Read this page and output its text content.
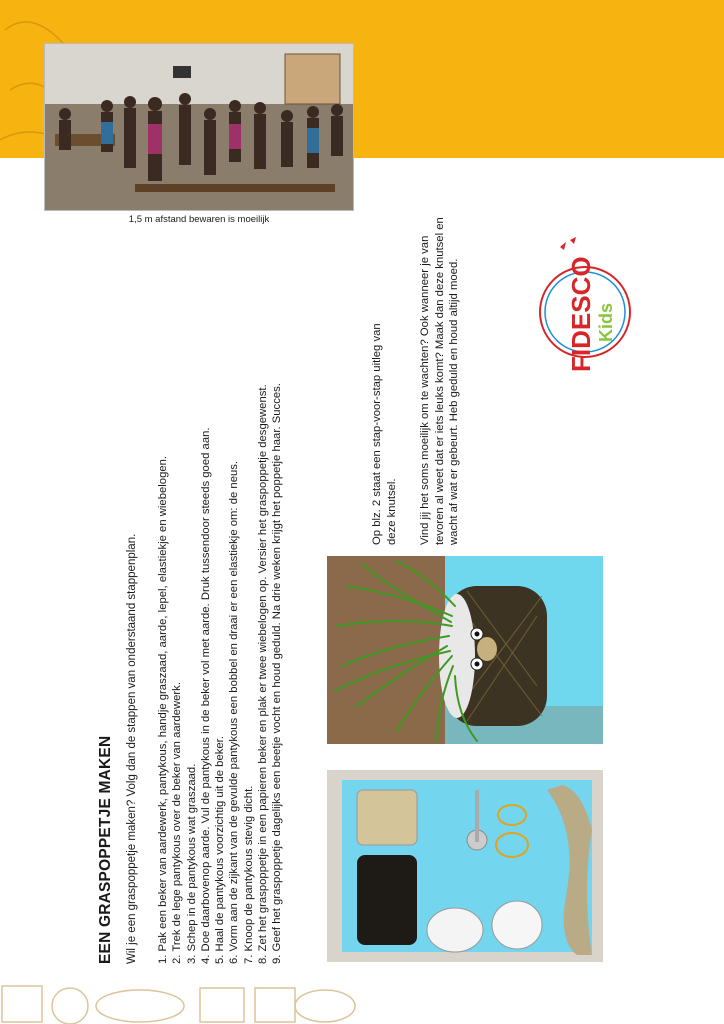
1,5 m afstand bewaren is moeilijk
EEN GRASPOPPETJE MAKEN Wil je een graspoppetje maken? Volg dan de stappen van onderstaand stappenplan. 1. Pak een beker van aardewerk, pantykous, handje graszaad, aarde, lepel, elastiekje en wiebelogen. 2. Trek de lege pantykous over de beker van aardewerk. 3. Schep in de pantykous wat graszaad. 4. Doe daarbovenop aarde. Vul de pantykous in de beker vol met aarde. Druk tussendoor steeds goed aan. 5. Haal de pantykous voorzichtig uit de beker. 6. Vorm aan de zijkant van de gevulde pantykous een bobbel en draai er een elastiekje om: de neus. 7. Knoop de pantykous stevig dicht. 8. Zet het graspoppetje in een papieren beker en plak er twee wiebelogen op. Versier het graspoppetje desgewenst. 9. Geef het graspoppetje dagelijks een beetje vocht en houd geduld. Na drie weken krijgt het poppetje haar. Succes.	Op blz. 2 staat een stap-voor-stap uitleg van deze knutsel. Vind jij het soms moeilijk om te wachten? Ook wanneer je van tevoren al weet dat er iets leuks komt? Maak dan deze knutsel en wacht af wat er gebeurt. Heb geduld en houd altijd moed.	FIDESCO Kids
